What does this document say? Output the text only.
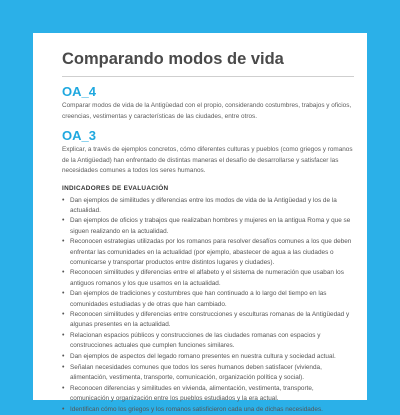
Comparando modos de vida
OA_4
Comparar modos de vida de la Antigüedad con el propio, considerando costumbres, trabajos y oficios, creencias, vestimentas y características de las ciudades, entre otros.
OA_3
Explicar, a través de ejemplos concretos, cómo diferentes culturas y pueblos (como griegos y romanos de la Antigüedad) han enfrentado de distintas maneras el desafío de desarrollarse y satisfacer las necesidades comunes a todos los seres humanos.
INDICADORES DE EVALUACIÓN
• Dan ejemplos de similitudes y diferencias entre los modos de vida de la Antigüedad y los de la actualidad.
• Dan ejemplos de oficios y trabajos que realizaban hombres y mujeres en la antigua Roma y que se siguen realizando en la actualidad.
• Reconocen estrategias utilizadas por los romanos para resolver desafíos comunes a los que deben enfrentar las comunidades en la actualidad (por ejemplo, abastecer de agua a las ciudades o comunicarse y transportar productos entre distintos lugares y ciudades).
• Reconocen similitudes y diferencias entre el alfabeto y el sistema de numeración que usaban los antiguos romanos y los que usamos en la actualidad.
• Dan ejemplos de tradiciones y costumbres que han continuado a lo largo del tiempo en las comunidades estudiadas y de otras que han cambiado.
• Reconocen similitudes y diferencias entre construcciones y esculturas romanas de la Antigüedad y algunas presentes en la actualidad.
• Relacionan espacios públicos y construcciones de las ciudades romanas con espacios y construcciones actuales que cumplen funciones similares.
• Dan ejemplos de aspectos del legado romano presentes en nuestra cultura y sociedad actual.
• Señalan necesidades comunes que todos los seres humanos deben satisfacer (vivienda, alimentación, vestimenta, transporte, comunicación, organización política y social).
• Reconocen diferencias y similitudes en vivienda, alimentación, vestimenta, transporte, comunicación y organización entre los pueblos estudiados y la era actual.
• Identifican cómo los griegos y los romanos satisficieron cada una de dichas necesidades.
